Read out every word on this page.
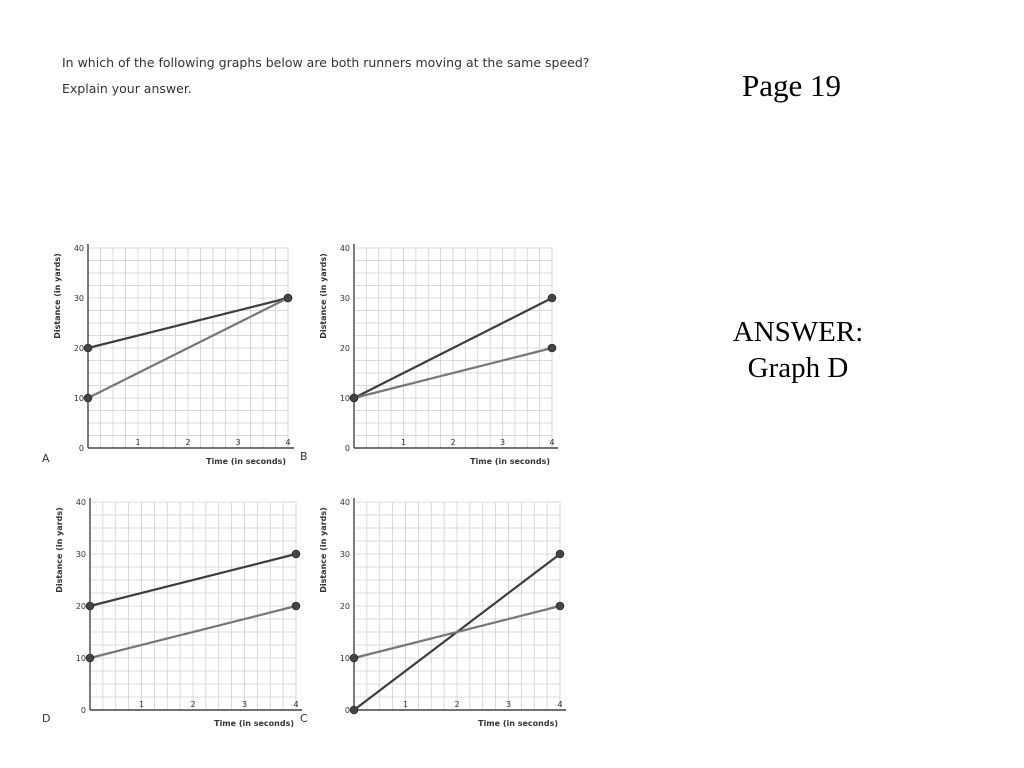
In which of the following graphs below are both runners moving at the same speed?
Explain your answer.	Page 19
ANSWER:
Graph D
0
10
20
30
40
1	2	3	4
Time (in seconds)
Distance (in yards)
A
0
10
20
30
40
1	2	3	4
Time (in seconds)
Distance (in yards)
B
0
10
20
30
40
1	2	3	4
Time (in seconds)
Distance (in yards)
D
0
10
20
30
40
1	2	3	4
Time (in seconds)
Distance (in yards)
C
